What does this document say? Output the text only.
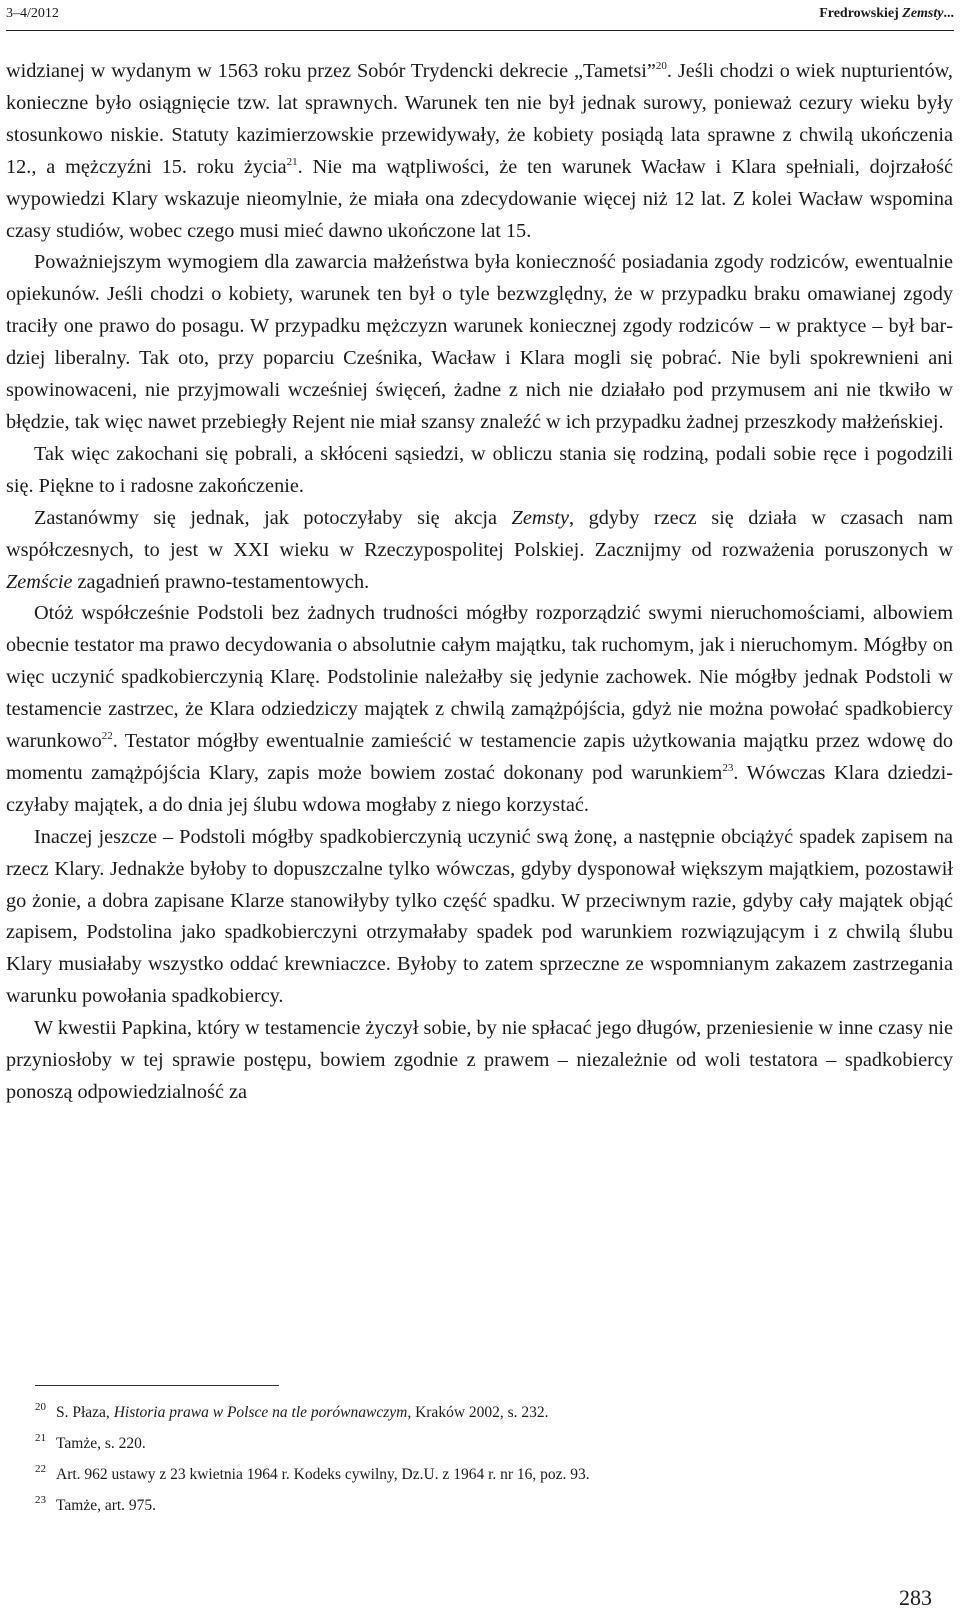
3–4/2012	Fredrowskiej Zemsty...

widzianej w wydanym w 1563 roku przez Sobór Trydencki dekrecie „Tametsi”$^{20}$. Jeśli chodzi o wiek nupturientów, konieczne było osiągnięcie tzw. lat sprawnych. Warunek ten nie był jednak surowy, ponieważ cezury wieku były stosunkowo niskie. Statuty kazimierzowskie przewidywały, że kobiety posiądą lata sprawne z chwilą ukończenia 12., a mężczyźni 15. roku życia$^{21}$. Nie ma wątpliwości, że ten warunek Wacław i Klara spełniali, dojrzałość wypowiedzi Klary wskazuje nieomylnie, że miała ona zdecydowanie więcej niż 12 lat. Z kolei Wacław wspomina czasy studiów, wobec czego musi mieć dawno ukończone lat 15.

Poważniejszym wymogiem dla zawarcia małżeństwa była konieczność posiadania zgody rodziców, ewentualnie opiekunów. Jeśli chodzi o kobiety, warunek ten był o tyle bezwzględny, że w przypadku braku omawianej zgody traciły one prawo do posagu. W przypadku mężczyzn warunek koniecznej zgody rodziców – w praktyce – był bardziej liberalny. Tak oto, przy poparciu Cześnika, Wacław i Klara mogli się pobrać. Nie byli spokrewnieni ani spowinowaceni, nie przyjmowali wcześniej święceń, żadne z nich nie działało pod przymusem ani nie tkwiło w błędzie, tak więc nawet przebiegły Rejent nie miał szansy znaleźć w ich przypadku żadnej przeszkody małżeńskiej.

Tak więc zakochani się pobrali, a skłóceni sąsiedzi, w obliczu stania się rodziną, podali sobie ręce i pogodzili się. Piękne to i radosne zakończenie.

Zastanówmy się jednak, jak potoczyłaby się akcja Zemsty, gdyby rzecz się działa w czasach nam współczesnych, to jest w XXI wieku w Rzeczypospolitej Polskiej. Zacznijmy od rozważenia poruszonych w Zemście zagadnień prawno-testamentowych.

Otóż współcześnie Podstoli bez żadnych trudności mógłby rozporządzić swymi nieruchomościami, albowiem obecnie testator ma prawo decydowania o absolutnie całym majątku, tak ruchomym, jak i nieruchomym. Mógłby on więc uczynić spadkobierczynią Klarę. Podstolinie należałby się jedynie zachowek. Nie mógłby jednak Podstoli w testamencie zastrzec, że Klara odziedziczy majątek z chwilą zamążpójścia, gdyż nie można powołać spadkobiercy warunkowo$^{22}$. Testator mógłby ewentualnie zamieścić w testamencie zapis użytkowania majątku przez wdowę do momentu zamążpójścia Klary, zapis może bowiem zostać dokonany pod warunkiem$^{23}$. Wówczas Klara dziedziczyłaby majątek, a do dnia jej ślubu wdowa mogłaby z niego korzystać.

Inaczej jeszcze – Podstoli mógłby spadkobierczynią uczynić swą żonę, a następnie obciążyć spadek zapisem na rzecz Klary. Jednakże byłoby to dopuszczalne tylko wówczas, gdyby dysponował większym majątkiem, pozostawił go żonie, a dobra zapisane Klarze stanowiłyby tylko część spadku. W przeciwnym razie, gdyby cały majątek objąć zapisem, Podstolina jako spadkobierczyni otrzymałaby spadek pod warunkiem rozwiązującym i z chwilą ślubu Klary musiałaby wszystko oddać krewniaczce. Byłoby to zatem sprzeczne ze wspomnianym zakazem zastrzegania warunku powołania spadkobiercy.

W kwestii Papkina, który w testamencie życzył sobie, by nie spłacać jego długów, przeniesienie w inne czasy nie przyniosłoby w tej sprawie postępu, bowiem zgodnie z prawem – niezależnie od woli testatora – spadkobiercy ponoszą odpowiedzialność za

20 S. Płaza, Historia prawa w Polsce na tle porównawczym, Kraków 2002, s. 232.
21 Tamże, s. 220.
22 Art. 962 ustawy z 23 kwietnia 1964 r. Kodeks cywilny, Dz.U. z 1964 r. nr 16, poz. 93.
23 Tamże, art. 975.
283
